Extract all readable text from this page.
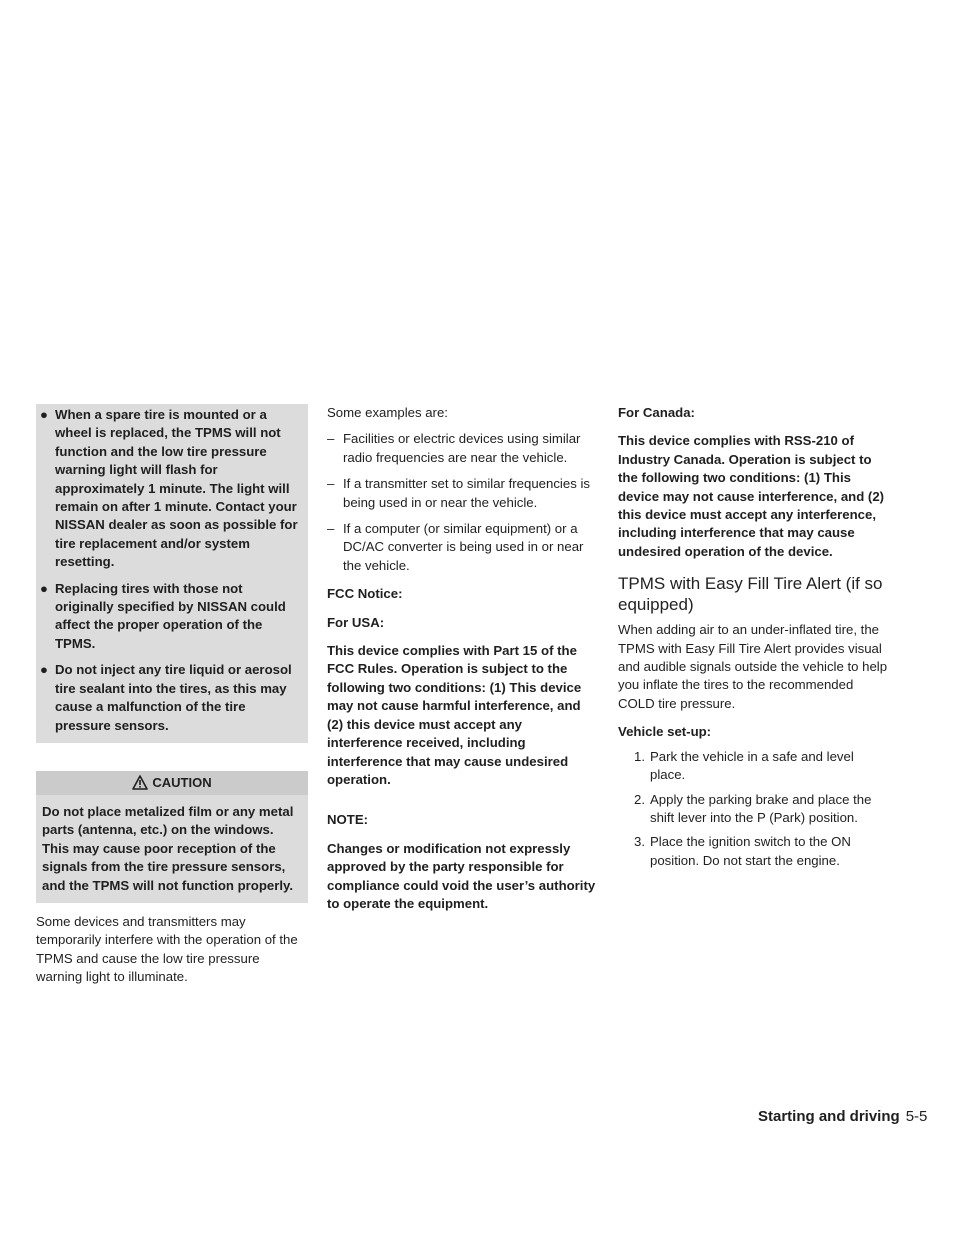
● When a spare tire is mounted or a wheel is replaced, the TPMS will not function and the low tire pressure warning light will flash for approximately 1 minute. The light will remain on after 1 minute. Contact your NISSAN dealer as soon as possible for tire replacement and/or system resetting.
● Replacing tires with those not originally specified by NISSAN could affect the proper operation of the TPMS.
● Do not inject any tire liquid or aerosol tire sealant into the tires, as this may cause a malfunction of the tire pressure sensors.
CAUTION
Do not place metalized film or any metal parts (antenna, etc.) on the windows. This may cause poor reception of the signals from the tire pressure sensors, and the TPMS will not function properly.

Some devices and transmitters may temporarily interfere with the operation of the TPMS and cause the low tire pressure warning light to illuminate.

Some examples are:

– Facilities or electric devices using similar radio frequencies are near the vehicle.
– If a transmitter set to similar frequencies is being used in or near the vehicle.
– If a computer (or similar equipment) or a DC/AC converter is being used in or near the vehicle.

FCC Notice:

For USA:

This device complies with Part 15 of the FCC Rules. Operation is subject to the following two conditions: (1) This device may not cause harmful interference, and (2) this device must accept any interference received, including interference that may cause undesired operation.

NOTE:

Changes or modification not expressly approved by the party responsible for compliance could void the user’s authority to operate the equipment.

For Canada:

This device complies with RSS-210 of Industry Canada. Operation is subject to the following two conditions: (1) This device may not cause interference, and (2) this device must accept any interference, including interference that may cause undesired operation of the device.

TPMS with Easy Fill Tire Alert (if so equipped)

When adding air to an under-inflated tire, the TPMS with Easy Fill Tire Alert provides visual and audible signals outside the vehicle to help you inflate the tires to the recommended COLD tire pressure.

Vehicle set-up:

1. Park the vehicle in a safe and level place.
2. Apply the parking brake and place the shift lever into the P (Park) position.
3. Place the ignition switch to the ON position. Do not start the engine.
Starting and driving 5-5
